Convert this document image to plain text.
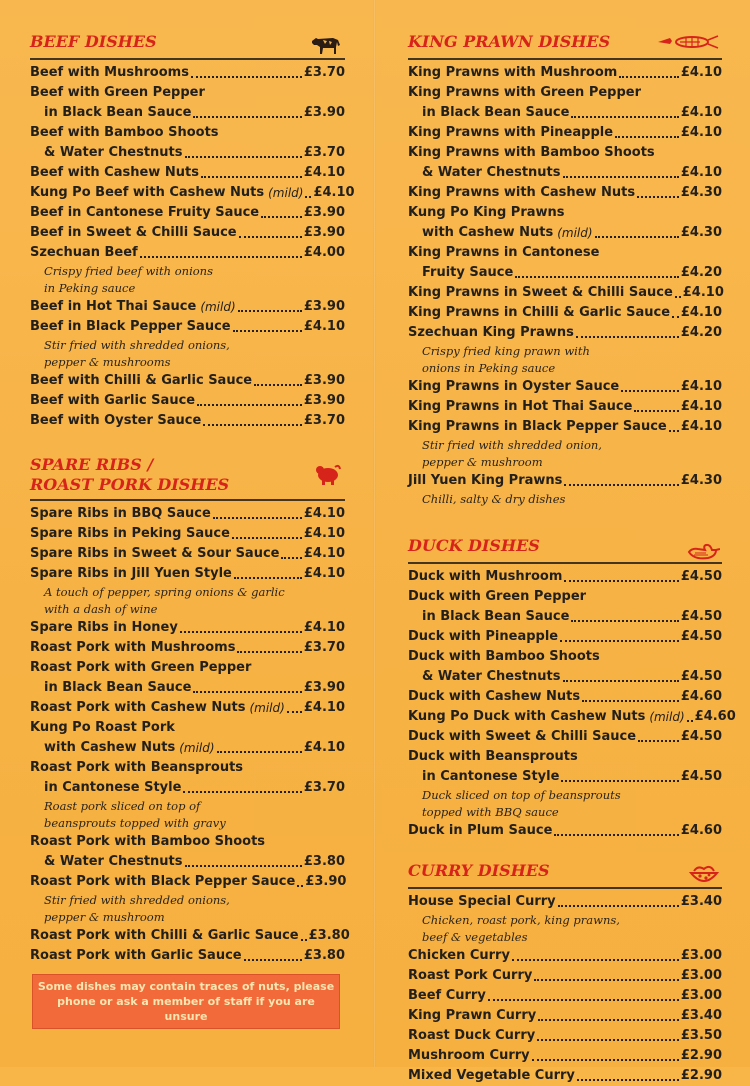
BEEF DISHES
Beef with Mushrooms	£3.70
Beef with Green Pepper
in Black Bean Sauce	£3.90
Beef with Bamboo Shoots
& Water Chestnuts	£3.70
Beef with Cashew Nuts	£4.10
Kung Po Beef with Cashew Nuts (mild) £4.10
Beef in Cantonese Fruity Sauce	£3.90
Beef in Sweet & Chilli Sauce	£3.90
Szechuan Beef	£4.00
Crispy fried beef with onions
in Peking sauce
Beef in Hot Thai Sauce (mild)	£3.90
Beef in Black Pepper Sauce	£4.10
Stir fried with shredded onions,
pepper & mushrooms
Beef with Chilli & Garlic Sauce	£3.90
Beef with Garlic Sauce	£3.90
Beef with Oyster Sauce	£3.70
SPARE RIBS /
ROAST PORK DISHES
Spare Ribs in BBQ Sauce	£4.10
Spare Ribs in Peking Sauce	£4.10
Spare Ribs in Sweet & Sour Sauce £4.10
Spare Ribs in Jill Yuen Style	£4.10
A touch of pepper, spring onions & garlic
with a dash of wine
Spare Ribs in Honey	£4.10
Roast Pork with Mushrooms	£3.70
Roast Pork with Green Pepper
in Black Bean Sauce	£3.90
Roast Pork with Cashew Nuts (mild) £4.10
Kung Po Roast Pork
with Cashew Nuts (mild)	£4.10
Roast Pork with Beansprouts
in Cantonese Style	£3.70
Roast pork sliced on top of
beansprouts topped with gravy
Roast Pork with Bamboo Shoots
& Water Chestnuts	£3.80
Roast Pork with Black Pepper Sauce £3.90
Stir fried with shredded onions,
pepper & mushroom
Roast Pork with Chilli & Garlic Sauce £3.80
Roast Pork with Garlic Sauce	£3.80
Some dishes may contain traces of nuts, please
phone or ask a member of staff if you are unsure
KING PRAWN DISHES
King Prawns with Mushroom	£4.10
King Prawns with Green Pepper
in Black Bean Sauce	£4.10
King Prawns with Pineapple	£4.10
King Prawns with Bamboo Shoots
& Water Chestnuts	£4.10
King Prawns with Cashew Nuts	£4.30
Kung Po King Prawns
with Cashew Nuts (mild)	£4.30
King Prawns in Cantonese
Fruity Sauce	£4.20
King Prawns in Sweet & Chilli Sauce £4.10
King Prawns in Chilli & Garlic Sauce £4.10
Szechuan King Prawns	£4.20
Crispy fried king prawn with
onions in Peking sauce
King Prawns in Oyster Sauce	£4.10
King Prawns in Hot Thai Sauce	£4.10
King Prawns in Black Pepper Sauce £4.10
Stir fried with shredded onion,
pepper & mushroom
Jill Yuen King Prawns	£4.30
Chilli, salty & dry dishes
DUCK DISHES
Duck with Mushroom	£4.50
Duck with Green Pepper
in Black Bean Sauce	£4.50
Duck with Pineapple	£4.50
Duck with Bamboo Shoots
& Water Chestnuts	£4.50
Duck with Cashew Nuts	£4.60
Kung Po Duck with Cashew Nuts (mild) £4.60
Duck with Sweet & Chilli Sauce	£4.50
Duck with Beansprouts
in Cantonese Style	£4.50
Duck sliced on top of beansprouts
topped with BBQ sauce
Duck in Plum Sauce	£4.60
CURRY DISHES
House Special Curry	£3.40
Chicken, roast pork, king prawns,
beef & vegetables
Chicken Curry	£3.00
Roast Pork Curry	£3.00
Beef Curry	£3.00
King Prawn Curry	£3.40
Roast Duck Curry	£3.50
Mushroom Curry	£2.90
Mixed Vegetable Curry	£2.90
